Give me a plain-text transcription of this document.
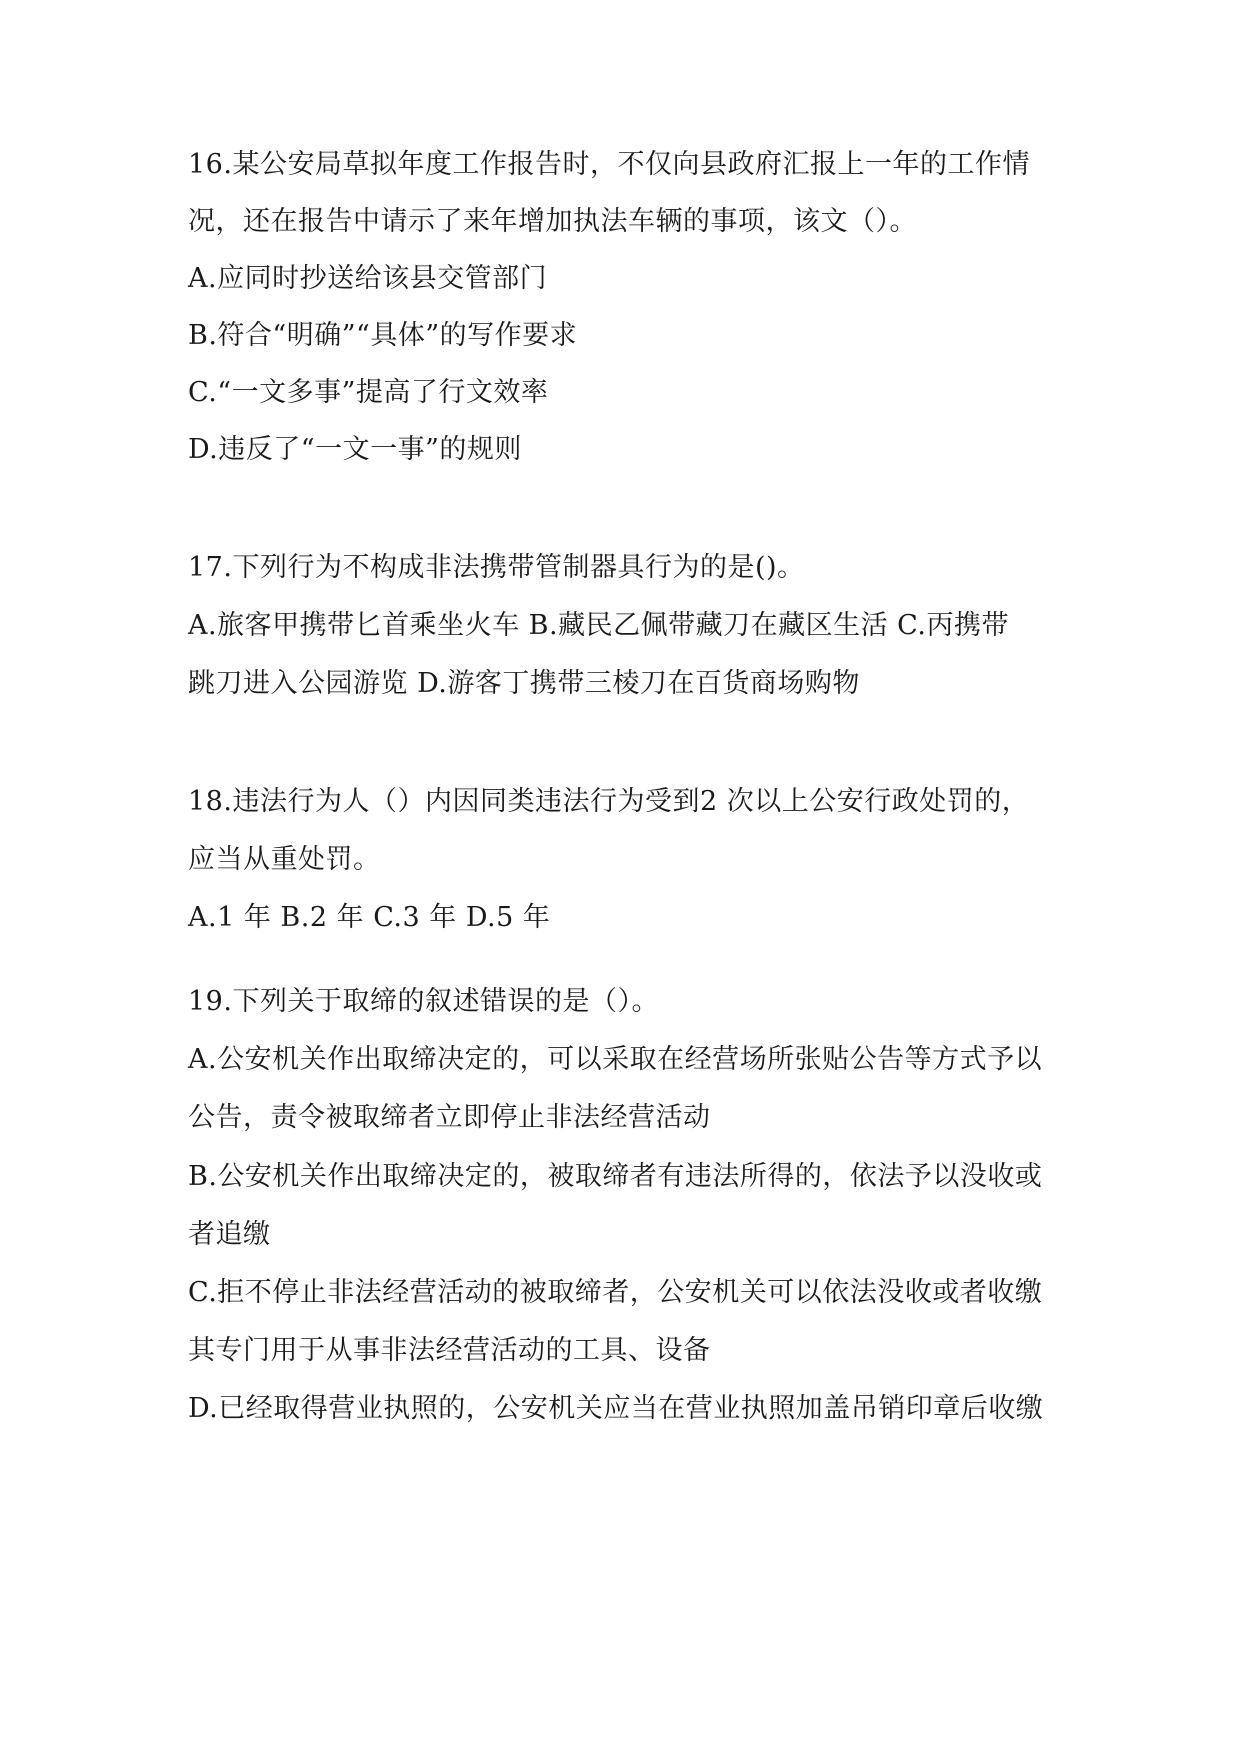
16.某公安局草拟年度工作报告时，不仅向县政府汇报上一年的工作情
况，还在报告中请示了来年增加执法车辆的事项，该文（）。
A.应同时抄送给该县交管部门
B.符合“明确”“具体”的写作要求
C.“一文多事”提高了行文效率
D.违反了“一文一事”的规则
17.下列行为不构成非法携带管制器具行为的是()。
A.旅客甲携带匕首乘坐火车 B.藏民乙佩带藏刀在藏区生活 C.丙携带
跳刀进入公园游览 D.游客丁携带三棱刀在百货商场购物
18.违法行为人（）内因同类违法行为受到2 次以上公安行政处罚的，
应当从重处罚。
A.1 年 B.2 年 C.3 年 D.5 年
19.下列关于取缔的叙述错误的是（）。
A.公安机关作出取缔决定的，可以采取在经营场所张贴公告等方式予以
公告，责令被取缔者立即停止非法经营活动
B.公安机关作出取缔决定的，被取缔者有违法所得的，依法予以没收或
者追缴
C.拒不停止非法经营活动的被取缔者，公安机关可以依法没收或者收缴
其专门用于从事非法经营活动的工具、设备
D.已经取得营业执照的，公安机关应当在营业执照加盖吊销印章后收缴
